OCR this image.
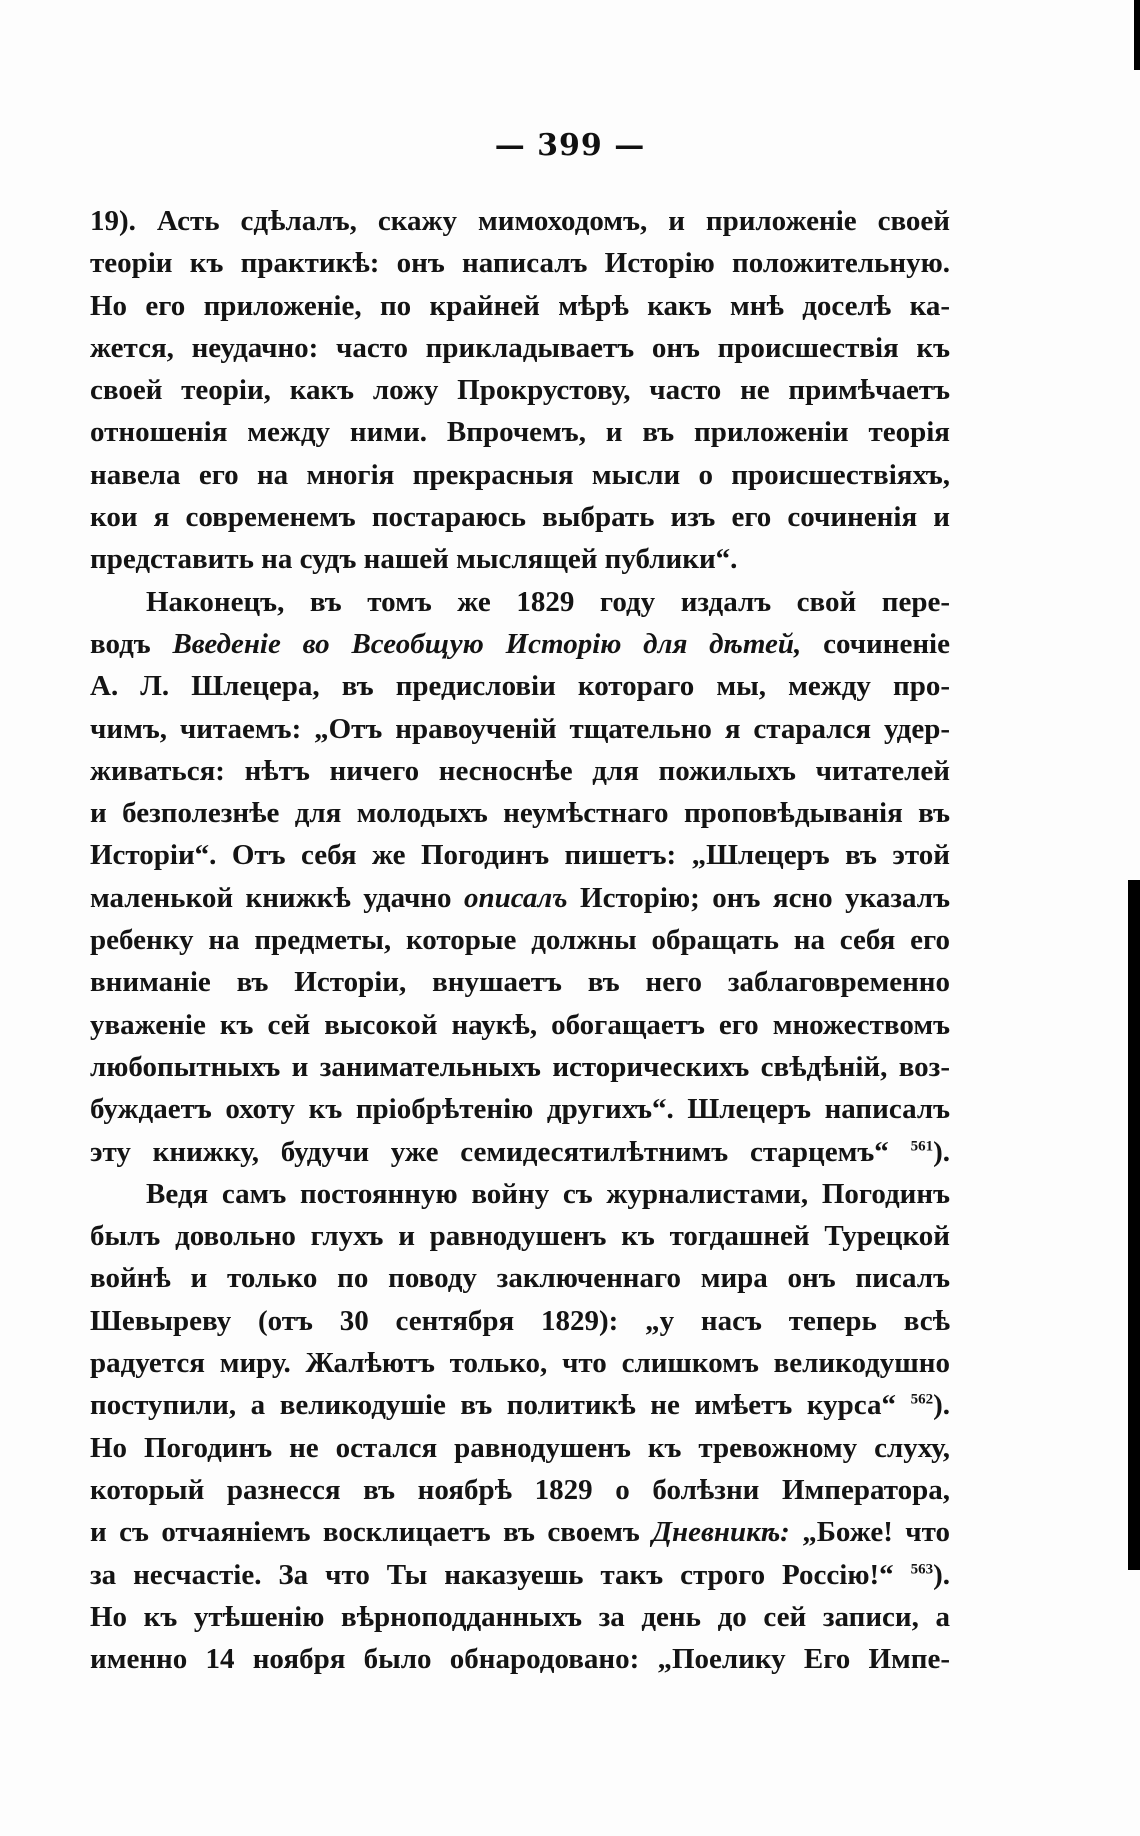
— 399 —
19). Асть сдѣлалъ, скажу мимоходомъ, и приложеніе своей
теоріи къ практикѣ: онъ написалъ Исторію положительную.
Но его приложеніе, по крайней мѣрѣ какъ мнѣ доселѣ ка-
жется, неудачно: часто прикладываетъ онъ происшествія къ
своей теоріи, какъ ложу Прокрустову, часто не примѣчаетъ
отношенія между ними. Впрочемъ, и въ приложеніи теорія
навела его на многія прекрасныя мысли о происшествіяхъ,
кои я современемъ постараюсь выбрать изъ его сочиненія и
представить на судъ нашей мыслящей публики“.
Наконецъ, въ томъ же 1829 году издалъ свой пере-
водъ Введеніе во Всеобщую Исторію для дѣтей, сочиненіе
А. Л. Шлецера, въ предисловіи котораго мы, между про-
чимъ, читаемъ: „Отъ нравоученій тщательно я старался удер-
живаться: нѣтъ ничего несноснѣе для пожилыхъ читателей
и безполезнѣе для молодыхъ неумѣстнаго проповѣдыванія въ
Исторіи“. Отъ себя же Погодинъ пишетъ: „Шлецеръ въ этой
маленькой книжкѣ удачно описалъ Исторію; онъ ясно указалъ
ребенку на предметы, которые должны обращать на себя его
вниманіе въ Исторіи, внушаетъ въ него заблаговременно
уваженіе къ сей высокой наукѣ, обогащаетъ его множествомъ
любопытныхъ и занимательныхъ историческихъ свѣдѣній, воз-
буждаетъ охоту къ пріобрѣтенію другихъ“. Шлецеръ написалъ
эту книжку, будучи уже семидесятилѣтнимъ старцемъ“ $^{561}$).
Ведя самъ постоянную войну съ журналистами, Погодинъ
былъ довольно глухъ и равнодушенъ къ тогдашней Турецкой
войнѣ и только по поводу заключеннаго мира онъ писалъ
Шевыреву (отъ 30 сентября 1829): „у насъ теперь всѣ
радуется миру. Жалѣютъ только, что слишкомъ великодушно
поступили, а великодушіе въ политикѣ не имѣетъ курса“ $^{562}$).
Но Погодинъ не остался равнодушенъ къ тревожному слуху,
который разнесся въ ноябрѣ 1829 о болѣзни Императора,
и съ отчаяніемъ восклицаетъ въ своемъ Дневникѣ: „Боже! что
за несчастіе. За что Ты наказуешь такъ строго Россію!“ $^{563}$).
Но къ утѣшенію вѣрноподданныхъ за день до сей записи, а
именно 14 ноября было обнародовано: „Поелику Его Импе-
